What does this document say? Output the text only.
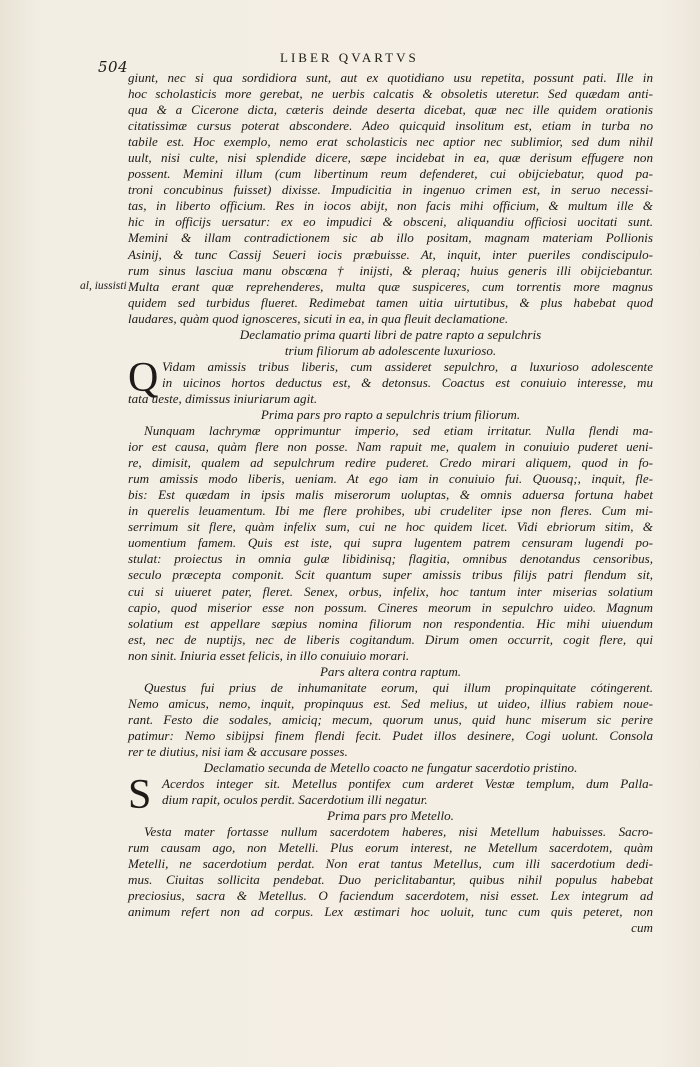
504
LIBER QVARTVS
al, iussisti
giunt, nec si qua sordidiora sunt, aut ex quotidiano usu repetita, possunt pati. Ille in
hoc scholasticis more gerebat, ne uerbis calcatis & obsoletis uteretur. Sed quædam anti-
qua & a Cicerone dicta, cæteris deinde deserta dicebat, quæ nec ille quidem orationis
citatissimæ cursus poterat abscondere. Adeo quicquid insolitum est, etiam in turba no
tabile est. Hoc exemplo, nemo erat scholasticis nec aptior nec sublimior, sed dum nihil
uult, nisi culte, nisi splendide dicere, sæpe incidebat in ea, quæ derisum effugere non
possent. Memini illum (cum libertinum reum defenderet, cui obijciebatur, quod pa-
troni concubinus fuisset) dixisse. Impudicitia in ingenuo crimen est, in seruo necessi-
tas, in liberto officium. Res in iocos abijt, non facis mihi officium, & multum ille &
hic in officijs uersatur: ex eo impudici & obsceni, aliquandiu officiosi uocitati sunt.
Memini & illam contradictionem sic ab illo positam, magnam materiam Pollionis
Asinij, & tunc Cassij Seueri iocis præbuisse. At, inquit, inter pueriles condiscipulo-
rum sinus lasciua manu obscœna † inijsti, & pleraq; huius generis illi obijciebantur.
Multa erant quæ reprehenderes, multa quæ suspiceres, cum torrentis more magnus
quidem sed turbidus flueret. Redimebat tamen uitia uirtutibus, & plus habebat quod
laudares, quàm quod ignosceres, sicuti in ea, in qua fleuit declamatione.
Declamatio prima quarti libri de patre rapto a sepulchris
trium filiorum ab adolescente luxurioso.
Q Vidam amissis tribus liberis, cum assideret sepulchro, a luxurioso adolescente
in uicinos hortos deductus est, & detonsus. Coactus est conuiuio interesse, mu
tata ueste, dimissus iniuriarum agit.
Prima pars pro rapto a sepulchris trium filiorum.
Nunquam lachrymæ opprimuntur imperio, sed etiam irritatur. Nulla flendi ma-
ior est causa, quàm flere non posse. Nam rapuit me, qualem in conuiuio puderet ueni-
re, dimisit, qualem ad sepulchrum redire puderet. Credo mirari aliquem, quod in fo-
rum amissis modo liberis, ueniam. At ego iam in conuiuio fui. Quousq;, inquit, fle-
bis: Est quædam in ipsis malis miserorum uoluptas, & omnis aduersa fortuna habet
in querelis leuamentum. Ibi me flere prohibes, ubi crudeliter ipse non fleres. Cum mi-
serrimum sit flere, quàm infelix sum, cui ne hoc quidem licet. Vidi ebriorum sitim, &
uomentium famem. Quis est iste, qui supra lugentem patrem censuram lugendi po-
stulat: proiectus in omnia gulæ libidinisq; flagitia, omnibus denotandus censoribus,
seculo præcepta componit. Scit quantum super amissis tribus filijs patri flendum sit,
cui si uiueret pater, fleret. Senex, orbus, infelix, hoc tantum inter miserias solatium
capio, quod miserior esse non possum. Cineres meorum in sepulchro uideo. Magnum
solatium est appellare sæpius nomina filiorum non respondentia. Hic mihi uiuendum
est, nec de nuptijs, nec de liberis cogitandum. Dirum omen occurrit, cogit flere, qui
non sinit. Iniuria esset felicis, in illo conuiuio morari.
Pars altera contra raptum.
Questus fui prius de inhumanitate eorum, qui illum propinquitate cótingerent.
Nemo amicus, nemo, inquit, propinquus est. Sed melius, ut uideo, illius rabiem noue-
rant. Festo die sodales, amiciq; mecum, quorum unus, quid hunc miserum sic perire
patimur: Nemo sibijpsi finem flendi fecit. Pudet illos desinere, Cogi uolunt. Consola
rer te diutius, nisi iam & accusare posses.
Declamatio secunda de Metello coacto ne fungatur sacerdotio pristino.
S Acerdos integer sit. Metellus pontifex cum arderet Vestæ templum, dum Palla-
dium rapit, oculos perdit. Sacerdotium illi negatur.
Prima pars pro Metello.
Vesta mater fortasse nullum sacerdotem haberes, nisi Metellum habuisses. Sacro-
rum causam ago, non Metelli. Plus eorum interest, ne Metellum sacerdotem, quàm
Metelli, ne sacerdotium perdat. Non erat tantus Metellus, cum illi sacerdotium dedi-
mus. Ciuitas sollicita pendebat. Duo periclitabantur, quibus nihil populus habebat
preciosius, sacra & Metellus. O faciendum sacerdotem, nisi esset. Lex integrum ad
animum refert non ad corpus. Lex æstimari hoc uoluit, tunc cum quis peteret, non
cum
